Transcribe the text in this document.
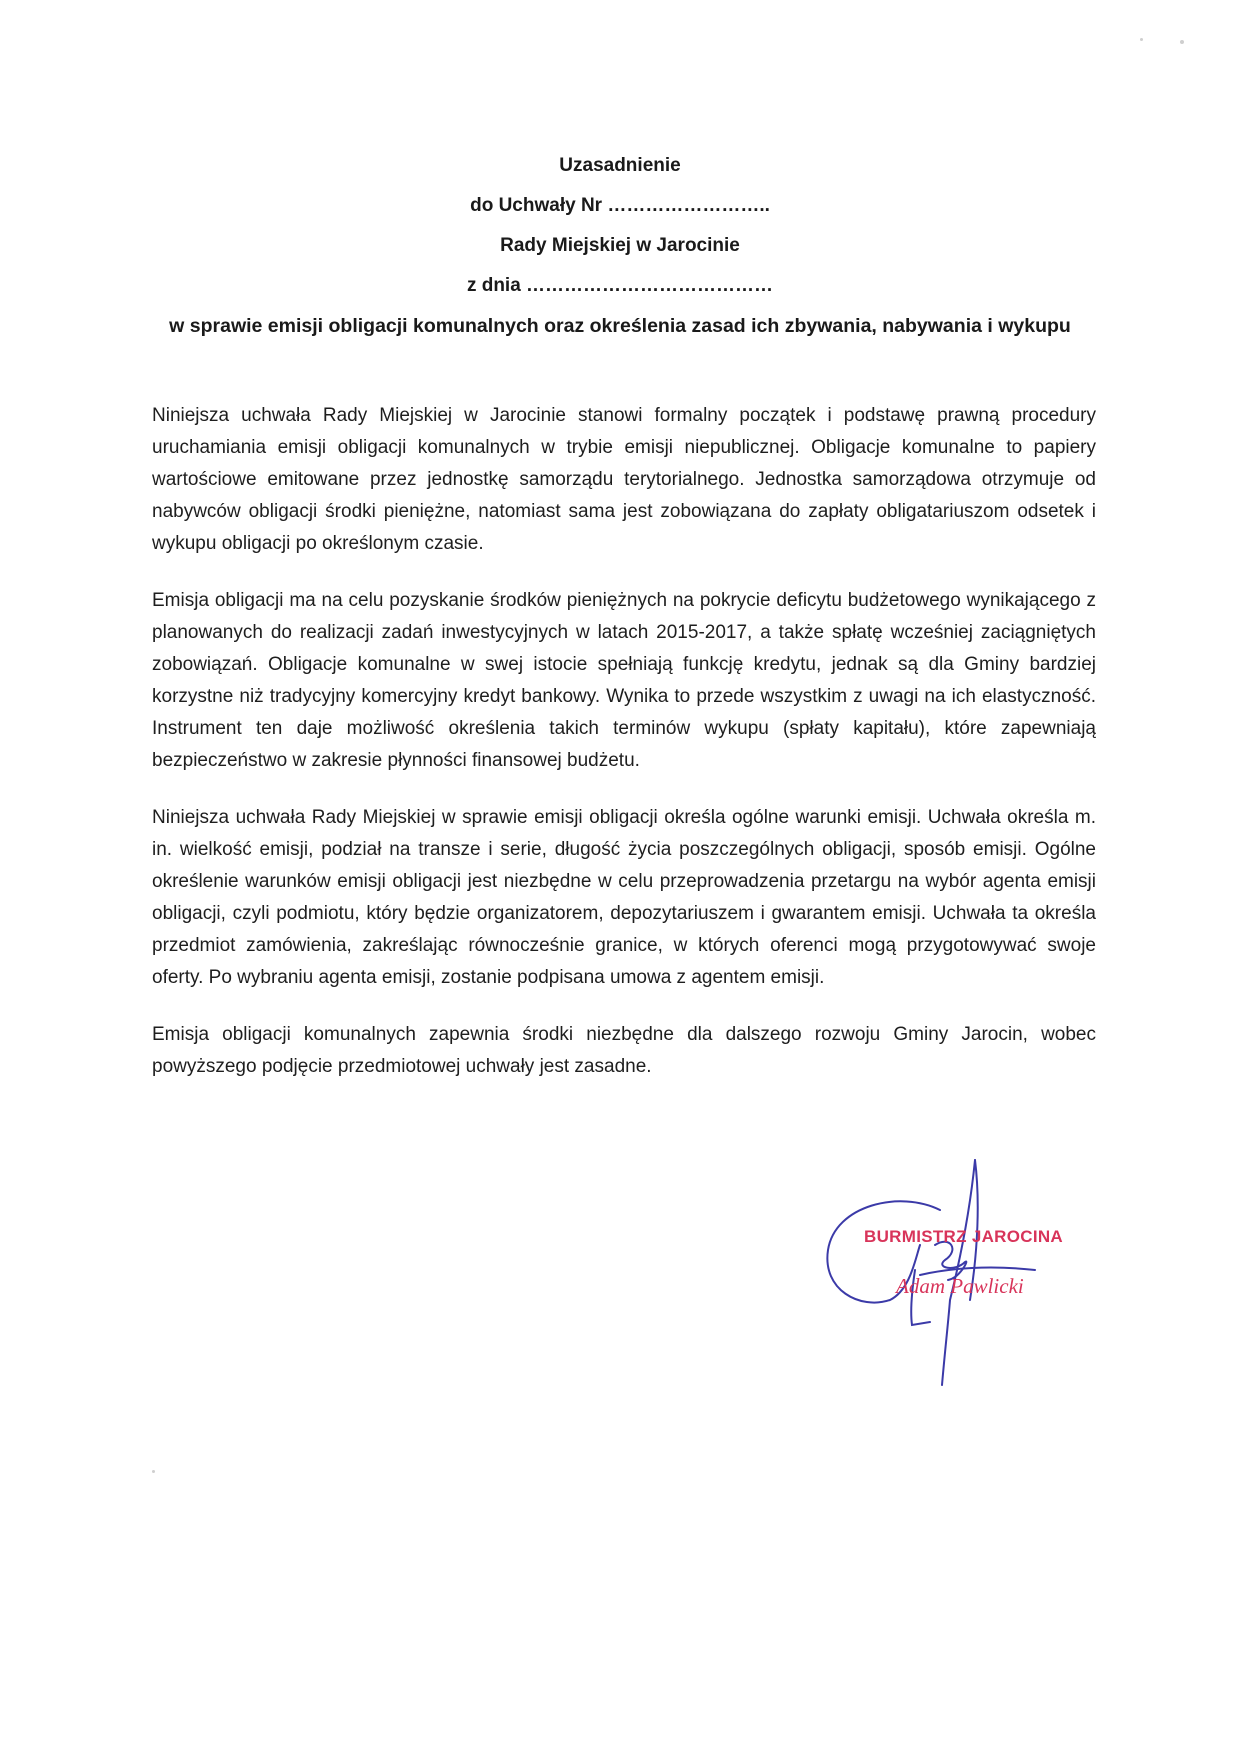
Uzasadnienie
do Uchwały Nr ……………………..
Rady Miejskiej w Jarocinie
z dnia …………………………………
w sprawie emisji obligacji komunalnych oraz określenia zasad ich zbywania, nabywania i wykupu

Niniejsza uchwała Rady Miejskiej w Jarocinie stanowi formalny początek i podstawę prawną procedury uruchamiania emisji obligacji komunalnych w trybie emisji niepublicznej. Obligacje komunalne to papiery wartościowe emitowane przez jednostkę samorządu terytorialnego. Jednostka samorządowa otrzymuje od nabywców obligacji środki pieniężne, natomiast sama jest zobowiązana do zapłaty obligatariuszom odsetek i wykupu obligacji po określonym czasie.

Emisja obligacji ma na celu pozyskanie środków pieniężnych na pokrycie deficytu budżetowego wynikającego z planowanych do realizacji zadań inwestycyjnych w latach 2015-2017, a także spłatę wcześniej zaciągniętych zobowiązań. Obligacje komunalne w swej istocie spełniają funkcję kredytu, jednak są dla Gminy bardziej korzystne niż tradycyjny komercyjny kredyt bankowy. Wynika to przede wszystkim z uwagi na ich elastyczność. Instrument ten daje możliwość określenia takich terminów wykupu (spłaty kapitału), które zapewniają bezpieczeństwo w zakresie płynności finansowej budżetu.

Niniejsza uchwała Rady Miejskiej w sprawie emisji obligacji określa ogólne warunki emisji. Uchwała określa m. in. wielkość emisji, podział na transze i serie, długość życia poszczególnych obligacji, sposób emisji. Ogólne określenie warunków emisji obligacji jest niezbędne w celu przeprowadzenia przetargu na wybór agenta emisji obligacji, czyli podmiotu, który będzie organizatorem, depozytariuszem i gwarantem emisji. Uchwała ta określa przedmiot zamówienia, zakreślając równocześnie granice, w których oferenci mogą przygotowywać swoje oferty. Po wybraniu agenta emisji, zostanie podpisana umowa z agentem emisji.

Emisja obligacji komunalnych zapewnia środki niezbędne dla dalszego rozwoju Gminy Jarocin, wobec powyższego podjęcie przedmiotowej uchwały jest zasadne.

BURMISTRZ JAROCINA
Adam Pawlicki
